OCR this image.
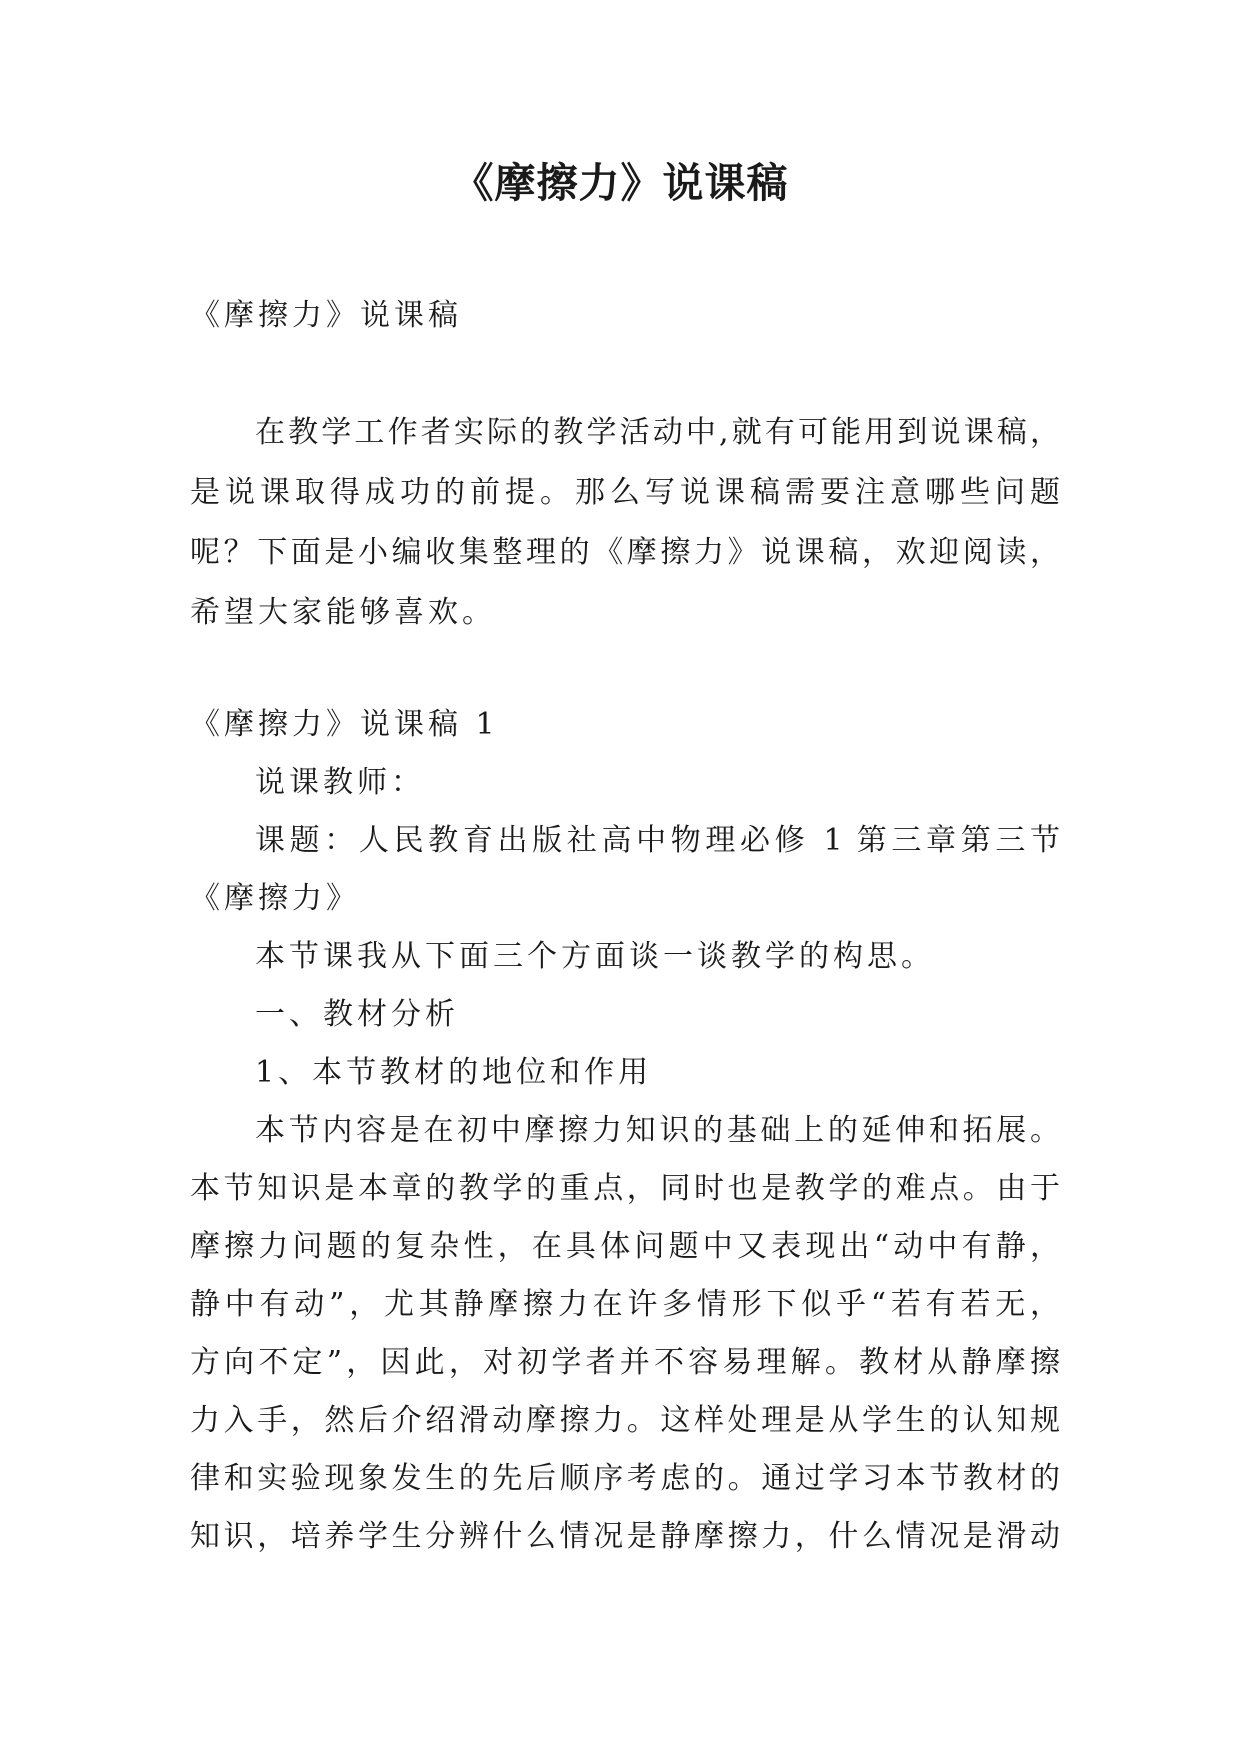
《摩擦力》说课稿
《摩擦力》说课稿
在教学工作者实际的教学活动中,就有可能用到说课稿，
是说课取得成功的前提。那么写说课稿需要注意哪些问题
呢？下面是小编收集整理的《摩擦力》说课稿，欢迎阅读，
希望大家能够喜欢。
《摩擦力》说课稿 1
说课教师：
课题：人民教育出版社高中物理必修 1 第三章第三节
《摩擦力》
本节课我从下面三个方面谈一谈教学的构思。
一、教材分析
1、本节教材的地位和作用
本节内容是在初中摩擦力知识的基础上的延伸和拓展。
本节知识是本章的教学的重点，同时也是教学的难点。由于
摩擦力问题的复杂性，在具体问题中又表现出“动中有静，
静中有动”，尤其静摩擦力在许多情形下似乎“若有若无，
方向不定”，因此，对初学者并不容易理解。教材从静摩擦
力入手，然后介绍滑动摩擦力。这样处理是从学生的认知规
律和实验现象发生的先后顺序考虑的。通过学习本节教材的
知识，培养学生分辨什么情况是静摩擦力，什么情况是滑动
